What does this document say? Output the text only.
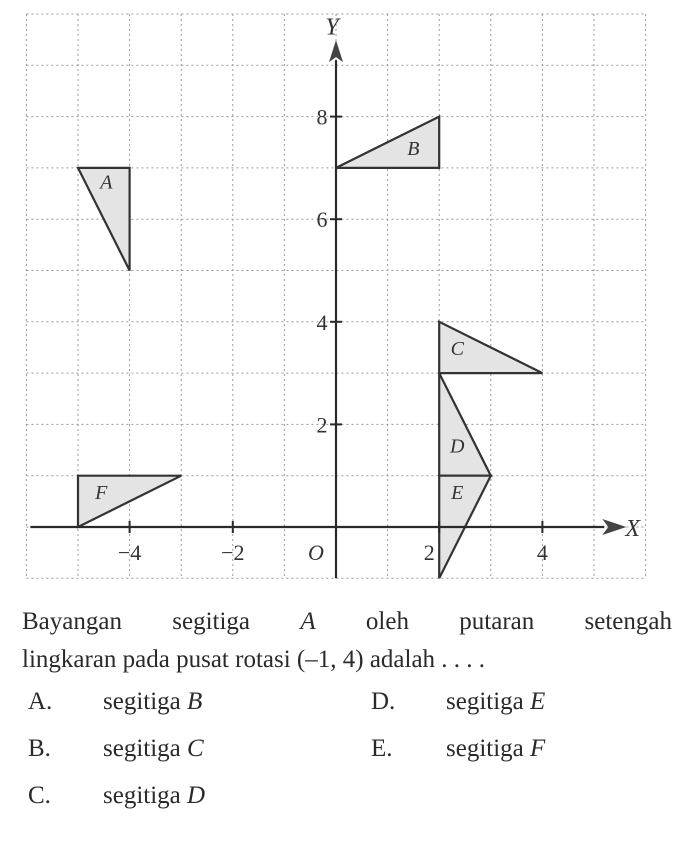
A
B
C
D
E
F
X
Y
−4	−2	2	4
2
4
6
8
O
Bayangan segitiga A oleh putaran setengah
lingkaran pada pusat rotasi (–1, 4) adalah . . . .
A. segitiga B
B. segitiga C
C. segitiga D
D. segitiga E
E. segitiga F
